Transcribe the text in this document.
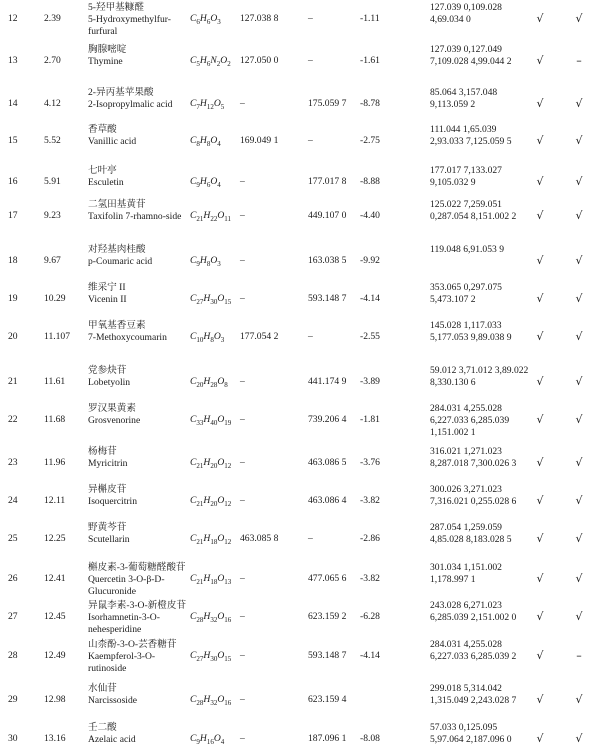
12	2.39
5-羟甲基糠醛
5-Hydroxymethylfur-furfural
$C_6H_6O_3$ 127.038 8	–	-1.11
127.039 0,109.028 4,69.034 0	√	√
13	2.70
胸腺嘧啶
Thymine	$C_5H_6N_2O_2$ 127.050 0	–	-1.61
127.039 0,127.049 7,109.028 4,99.044 2	√	–
14	4.12
2-异丙基苹果酸
2-Isopropylmalic acid	$C_7H_{12}O_5$ –	175.059 7	-8.78
85.064 3,157.048 9,113.059 2	√	√
15	5.52
香草酸
Vanillic acid	$C_8H_8O_4$ 169.049 1	–	-2.75
111.044 1,65.039 2,93.033 7,125.059 5	√	√
16	5.91
七叶亭
Esculetin	$C_9H_6O_4$ –	177.017 8	-8.88
177.017 7,133.027 9,105.032 9	√	√
17	9.23
二氢田基黄苷
Taxifolin 7-rhamno-side $C_{21}H_{22}O_{11}$ –	449.107 0	-4.40
125.022 7,259.051 0,287.054 8,151.002 2	√	√
18	9.67
对羟基肉桂酸
p-Coumaric acid	$C_9H_8O_3$ –	163.038 5	-9.92
119.048 6,91.053 9
√	√
19	10.29
维采宁 II
Vicenin II	$C_{27}H_{30}O_{15}$ –	593.148 7	-4.14
353.065 0,297.075 5,473.107 2	√	√
20	11.107
甲氧基香豆素
7-Methoxycoumarin	$C_{10}H_8O_3$ 177.054 2	–	-2.55
145.028 1,117.033 5,177.053 9,89.038 9	√	√
21	11.61
党参炔苷
Lobetyolin	$C_{20}H_{28}O_8$ –	441.174 9	-3.89
59.012 3,71.012 3,89.022 8,330.130 6	√	√
22	11.68
罗汉果黄素
Grosvenorine	$C_{33}H_{40}O_{19}$ –	739.206 4	-1.81
284.031 4,255.028 6,227.033 6,285.039 1,151.002 1
√	√
23	11.96
杨梅苷
Myricitrin	$C_{21}H_{20}O_{12}$ –	463.086 5	-3.76
316.021 1,271.023 8,287.018 7,300.026 3	√	√
24	12.11
异槲皮苷
Isoquercitrin	$C_{21}H_{20}O_{12}$ –	463.086 4	-3.82
300.026 3,271.023 7,316.021 0,255.028 6	√	√
25	12.25
野黄芩苷
Scutellarin	$C_{21}H_{18}O_{12}$ 463.085 8	–	-2.86
287.054 1,259.059 4,85.028 8,183.028 5	√	√
26	12.41
槲皮素-3-葡萄糖醛酸苷 Quercetin 3-O-β-D-Glucuronide
$C_{21}H_{18}O_{13}$ –	477.065 6	-3.82
301.034 1,151.002 1,178.997 1	√	√
27	12.45
异鼠李素-3-O-新橙皮苷 Isorhamnetin-3-O-nehesperidine
$C_{28}H_{32}O_{16}$ –	623.159 2	-6.28
243.028 6,271.023 6,285.039 2,151.002 0	√	√
28	12.49
山柰酚-3-O-芸香糖苷 Kaempferol-3-O-rutinoside
$C_{27}H_{30}O_{15}$ –	593.148 7	-4.14
284.031 4,255.028 6,227.033 6,285.039 2	√	–
29	12.98
水仙苷
Narcissoside	$C_{28}H_{32}O_{16}$ –	623.159 4
299.018 5,314.042 1,315.049 2,243.028 7	√	√
30	13.16
壬二酸
Azelaic acid	$C_9H_{16}O_4$ –	187.096 1	-8.08
57.033 0,125.095 5,97.064 2,187.096 0	√	√
